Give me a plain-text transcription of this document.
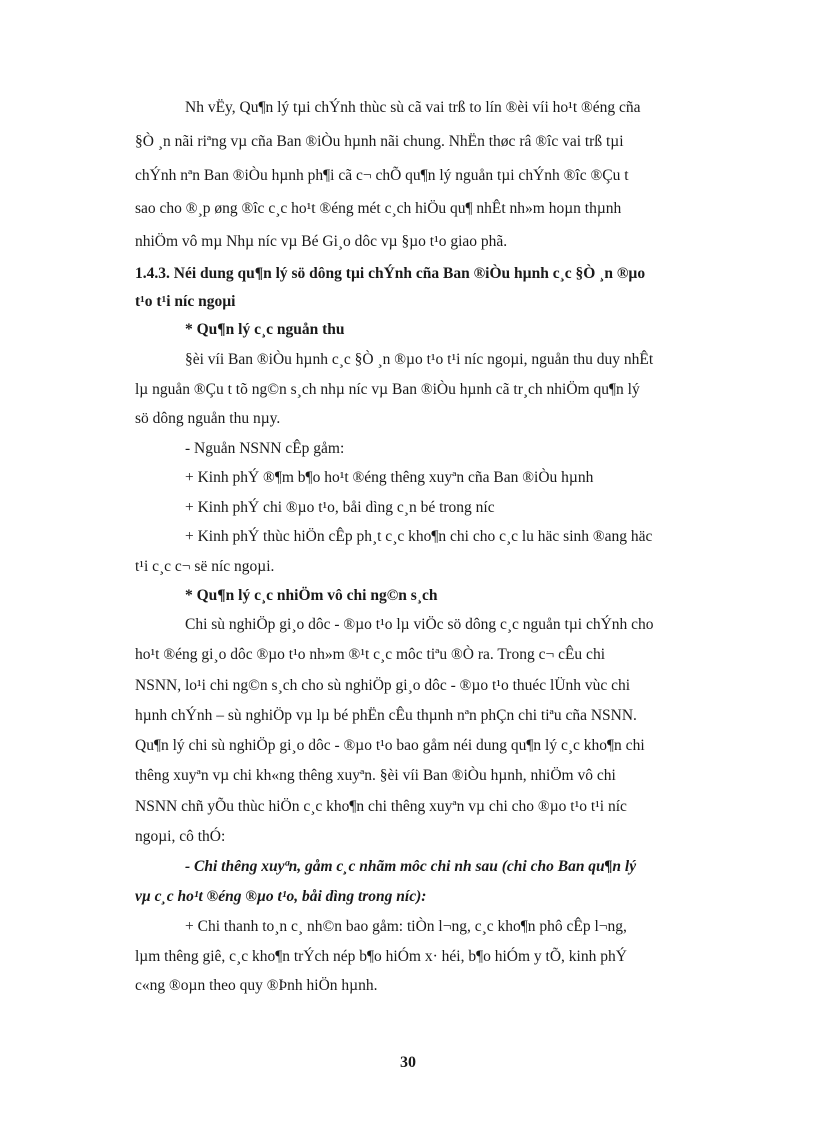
Nh vËy, Qu¶n lý tµi chÝnh thùc sù cã vai trß to lín ®èi víi ho¹t ®éng cña
§Ò ¸n nãi riªng vµ cña Ban ®iÒu hµnh nãi chung. NhËn thøc râ ®îc vai trß tµi
chÝnh nªn Ban ®iÒu hµnh ph¶i cã c¬ chÕ qu¶n lý nguån tµi chÝnh ®îc ®Çu t
sao cho ®¸p øng ®îc c¸c ho¹t ®éng mét c¸ch hiÖu qu¶ nhÊt nh»m hoµn thµnh
nhiÖm vô mµ Nhµ níc vµ Bé Gi¸o dôc vµ §µo t¹o giao phã.
1.4.3. Néi dung qu¶n lý sö dông tµi chÝnh cña Ban ®iÒu hµnh c¸c §Ò ¸n ®µo
t¹o t¹i níc ngoµi
* Qu¶n lý c¸c nguån thu
§èi víi Ban ®iÒu hµnh c¸c §Ò ¸n ®µo t¹o t¹i níc ngoµi, nguån thu duy nhÊt
lµ nguån ®Çu t tõ ng©n s¸ch nhµ níc vµ Ban ®iÒu hµnh cã tr¸ch nhiÖm qu¶n lý
sö dông nguån thu nµy.
- Nguån NSNN cÊp gåm:
+ Kinh phÝ ®¶m b¶o ho¹t ®éng thêng xuyªn cña Ban ®iÒu hµnh
+ Kinh phÝ chi ®µo t¹o, båi dìng c¸n bé trong níc
+ Kinh phÝ thùc hiÖn cÊp ph¸t c¸c kho¶n chi cho c¸c lu häc sinh ®ang häc
t¹i c¸c c¬ së níc ngoµi.
* Qu¶n lý c¸c nhiÖm vô chi ng©n s¸ch
Chi sù nghiÖp gi¸o dôc - ®µo t¹o lµ viÖc sö dông c¸c nguån tµi chÝnh cho
ho¹t ®éng gi¸o dôc ®µo t¹o nh»m ®¹t c¸c môc tiªu ®Ò ra. Trong c¬ cÊu chi
NSNN, lo¹i chi ng©n s¸ch cho sù nghiÖp gi¸o dôc - ®µo t¹o thuéc lÜnh vùc chi
hµnh chÝnh – sù nghiÖp vµ lµ bé phËn cÊu thµnh nªn phÇn chi tiªu cña NSNN.
Qu¶n lý chi sù nghiÖp gi¸o dôc - ®µo t¹o bao gåm néi dung qu¶n lý c¸c kho¶n chi
thêng xuyªn vµ chi kh«ng thêng xuyªn. §èi víi Ban ®iÒu hµnh, nhiÖm vô chi
NSNN chñ yÕu thùc hiÖn c¸c kho¶n chi thêng xuyªn vµ chi cho ®µo t¹o t¹i níc
ngoµi, cô thÓ:
- Chi thêng xuyªn, gåm c¸c nhãm môc chi nh sau (chi cho Ban qu¶n lý
vµ c¸c ho¹t ®éng ®µo t¹o, båi dìng trong níc):
+ Chi thanh to¸n c¸ nh©n bao gåm: tiÒn l¬ng, c¸c kho¶n phô cÊp l¬ng,
lµm thêng giê, c¸c kho¶n trÝch nép b¶o hiÓm x· héi, b¶o hiÓm y tÕ, kinh phÝ
c«ng ®oµn theo quy ®Þnh hiÖn hµnh.
30
